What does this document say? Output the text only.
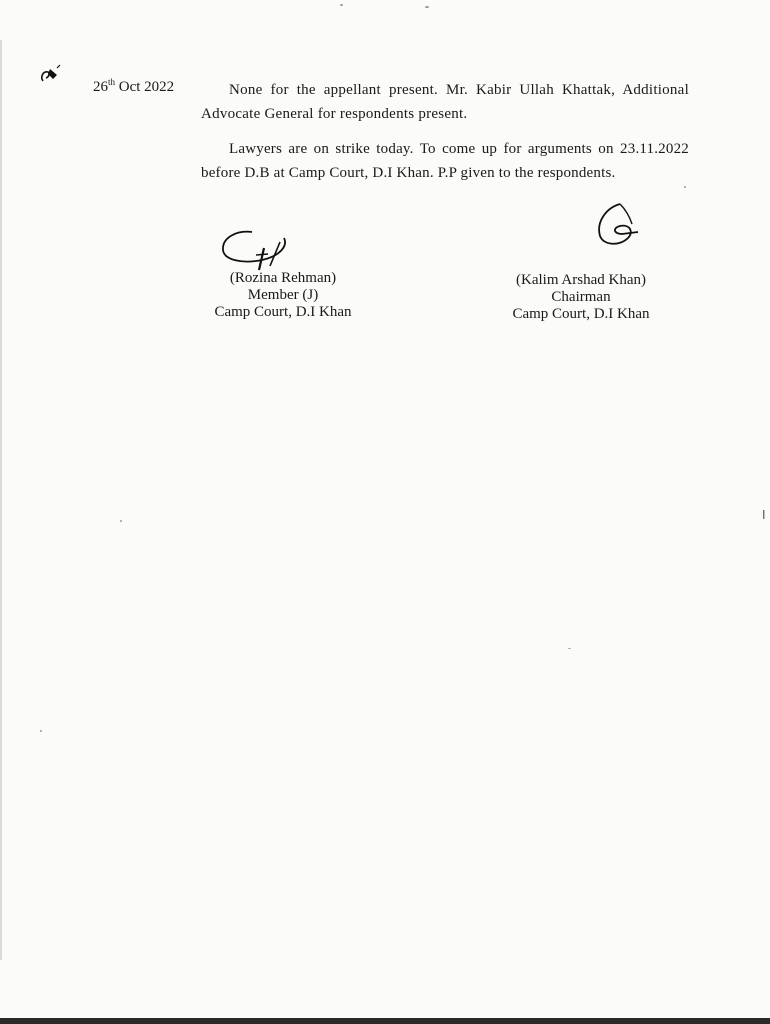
26th Oct 2022	None for the appellant present. Mr. Kabir Ullah Khattak, Additional Advocate General for respondents present.
Lawyers are on strike today. To come up for arguments on 23.11.2022 before D.B at Camp Court, D.I Khan. P.P given to the respondents.
(Rozina Rehman)
Member (J)
Camp Court, D.I Khan
(Kalim Arshad Khan)
Chairman
Camp Court, D.I Khan
I
